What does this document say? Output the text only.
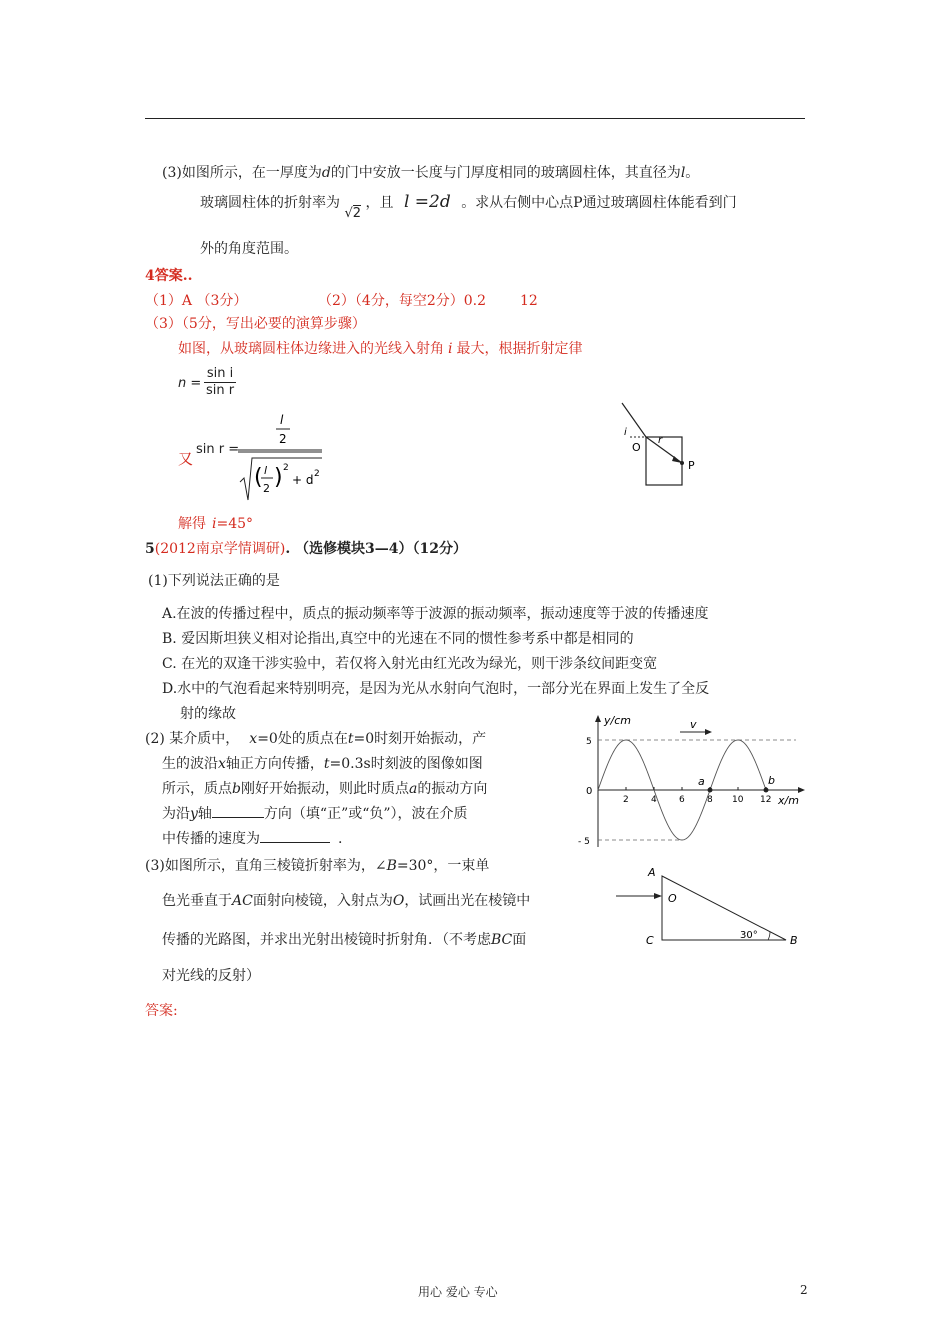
(3)如图所示，在一厚度为d的门中安放一长度与门厚度相同的玻璃圆柱体，其直径为l。
玻璃圆柱体的折射率为 √2 ，且 l =2d 。求从右侧中心点P通过玻璃圆柱体能看到门
外的角度范围。
4答案..
（1）A （3分）	（2）（4分，每空2分）0.2 12
（3）（5分，写出必要的演算步骤）
如图，从玻璃圆柱体边缘进入的光线入射角 i 最大，根据折射定律
$n = \frac{\text{sin i}}{\text{sin r}}$
又
sin r =
l
2
( l
2 ) 2
+ d 2
解得 i=45°
i
r
O
P
5(2012南京学情调研). （选修模块3—4）（12分）
(1)下列说法正确的是
A.在波的传播过程中，质点的振动频率等于波源的振动频率，振动速度等于波的传播速度
B. 爱因斯坦狭义相对论指出,真空中的光速在不同的惯性参考系中都是相同的
C. 在光的双逢干涉实验中，若仅将入射光由红光改为绿光，则干涉条纹间距变宽
D.水中的气泡看起来特别明亮，是因为光从水射向气泡时，一部分光在界面上发生了全反
射的缘故
(2) 某介质中， x=0处的质点在t=0时刻开始振动，产
生的波沿x轴正方向传播，t=0.3s时刻波的图像如图
所示，质点b刚好开始振动，则此时质点a的振动方向
为沿y轴	方向（填“正”或“负”），波在介质
中传播的速度为	.
y/cm
x/m
0
2 4 6 8 10 12
5
- 5
a	b
v
(3)如图所示，直角三棱镜折射率为，∠B=30°，一束单
色光垂直于AC面射向棱镜，入射点为O，试画出光在棱镜中
传播的光路图，并求出光射出棱镜时折射角．（不考虑BC面
对光线的反射）
答案:
A
O
C	B
30°
用心 爱心 专心	2
